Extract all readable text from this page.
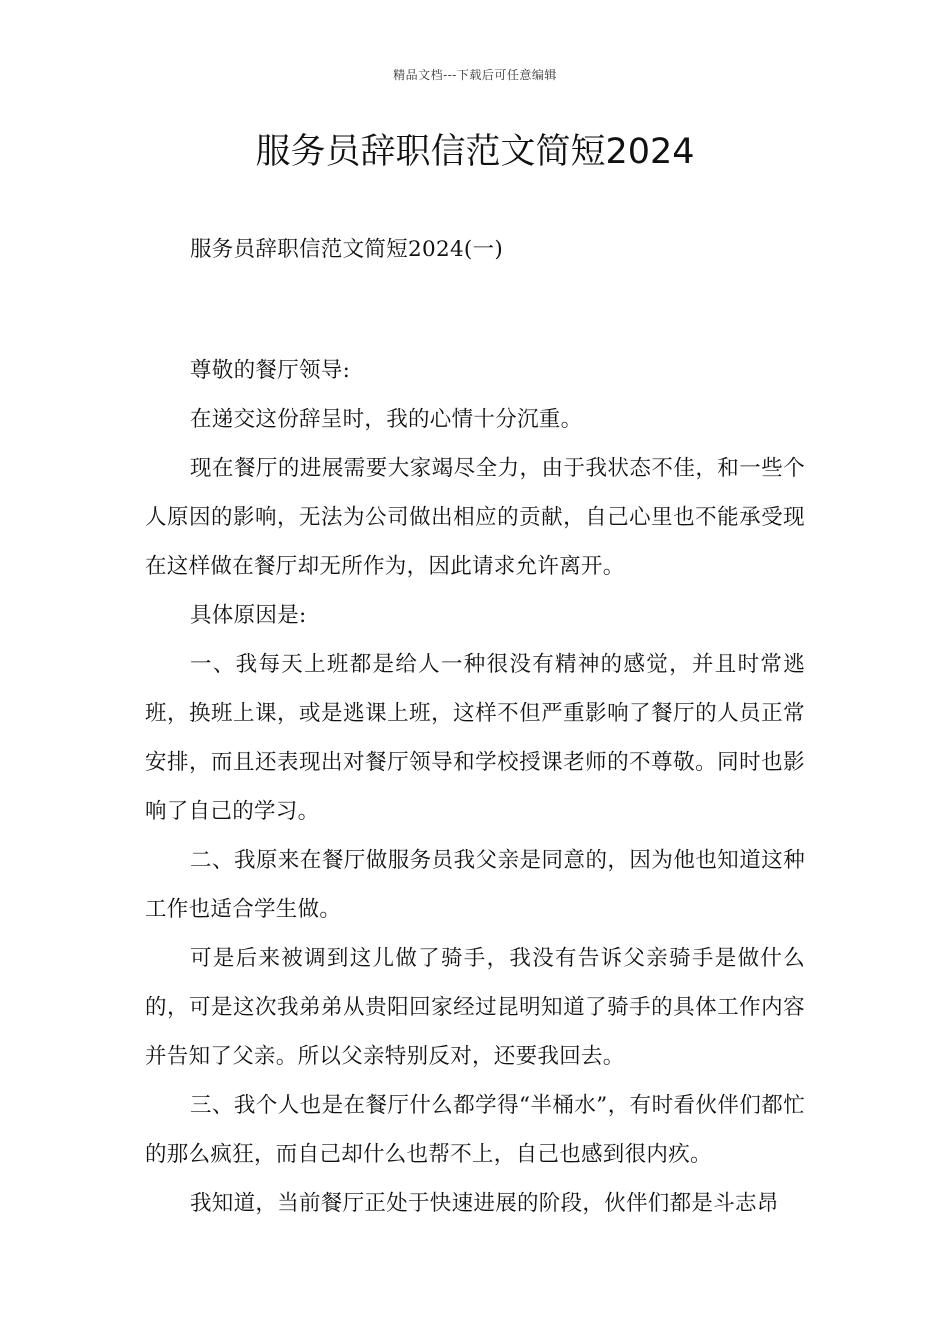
精品文档---下载后可任意编辑
服务员辞职信范文简短2024

服务员辞职信范文简短2024(一)

尊敬的餐厅领导:

在递交这份辞呈时，我的心情十分沉重。

现在餐厅的进展需要大家竭尽全力，由于我状态不佳，和一些个人原因的影响，无法为公司做出相应的贡献，自己心里也不能承受现在这样做在餐厅却无所作为，因此请求允许离开。

具体原因是:

一、我每天上班都是给人一种很没有精神的感觉，并且时常逃班，换班上课，或是逃课上班，这样不但严重影响了餐厅的人员正常安排，而且还表现出对餐厅领导和学校授课老师的不尊敬。同时也影响了自己的学习。

二、我原来在餐厅做服务员我父亲是同意的，因为他也知道这种工作也适合学生做。

可是后来被调到这儿做了骑手，我没有告诉父亲骑手是做什么的，可是这次我弟弟从贵阳回家经过昆明知道了骑手的具体工作内容并告知了父亲。所以父亲特别反对，还要我回去。

三、我个人也是在餐厅什么都学得“半桶水”，有时看伙伴们都忙的那么疯狂，而自己却什么也帮不上，自己也感到很内疚。

我知道，当前餐厅正处于快速进展的阶段，伙伴们都是斗志昂
